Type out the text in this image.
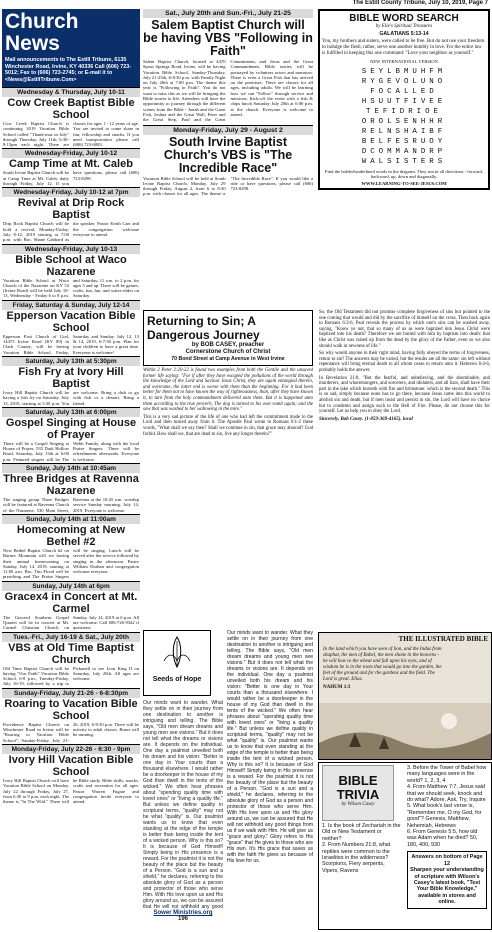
The Estill County Tribune, July 10, 2019, Page 7
Church News
Mail announcements to The Estill Tribune, 6135 Winchester Road, Irvine, KY 40336 Call (606) 723-5012; Fax to (606) 723-2745; or E-mail it to <News@EstillTribune.Com>
Wednesday & Thursday, July 10-11
Cow Creek Baptist Bible School
Cow Creek Baptist Church is continuing 2019 Vacation Bible School called "Thank-mas in July" through Thursday, July 11th, 6:30-8:15pm each night. There are classes for ages 1 - 12 years of age. You are invited to come share in fun, fellowship and snacks. If you need transportation please call (606) 723-6083.
Wednesday-Friday, July 10-12
Camp Time at Mt. Caleb
South Irvine Baptist Church will be at Camp Time at Mt. Caleb, daily through Friday, July 12. If you have questions, please call (606) 723-8298.
Wednesday-Friday, July 10-12 at 7pm
Revival at Drip Rock Baptist
Drip Rock Baptist Church will be hold a revival, Monday-Friday, July 8-12, 2019 starting at 7:00 p.m. with Bro. Shane Gabbard as the speaker. Pastor Keith Carr and the congregation welcome everyone to attend.
Wednesday-Friday, July 10-13
Bible School at Waco Nazarene
Vacation Bible School at Waco Church of the Nazarene on KY 52 (Irvine Road) will be held July 10-13, Wednesday - Friday 6 to 8 p.m. and Saturday, 11 a.m. to 2 p.m. for ages 3 and up. There will be games, crafts, fun, fun, and water-slides on Saturday.
Friday, Saturday & Sunday, July 12-14
Epperson Vacation Bible School
Epperson First Church of God, 14475 Irvine Road (KY 89) in Clark County, will be having Vacation Bible School, Friday, Saturday and Sunday, July 12, 13 & 14, 2019, 6-7:30 p.m. Plan for your children to have a great time. Everyone is welcome!
Saturday, July 13th at 5:30pm
Fish Fry at Ivory Hill Baptist
Ivory Hill Baptist Church will be having a fish fry on Saturday, July 13, 2019, starting at 5:30 p.m. You are welcome. Bring a dish to go with fish or a dessert. Bring a friend.
Saturday, July 13th at 6:00pm
Gospel Singing at House of Prayer
There will be a Gospel Singing at House of Prayer, 535 Dark Hollow Road, Saturday, July 13th at 6:00 p.m. Featured singers will be The Webb Family, along with the local Praise Singers. There will be refreshments afterwards. Everyone is welcome.
Sunday, July 14th at 10:45am
Three Bridges at Ravenna Nazarene
The singing group Three Bridges will be featured at Ravenna Church of the Nazarene, 530 Main Street, Ravenna at the 10:45 a.m. worship service Sunday morning, July 14, 2019. Everyone is welcome.
Sunday, July 14th at 11:00am
Homecoming at New Bethel #2
New Bethel Baptist Church #2 on Barnes Mountain will we having their annual homecoming on Sunday, July 14, 2019, starting at 11:00 a.m. Bro. Tim Flood will be preaching and The Praise Singers will be singing. Lunch will be served after the service followed by singing in the afternoon. Pastor William Durban and congregation welcome everyone.
Sunday, July 14th at 6pm
Gracex4 in Concert at Mt. Carmel
The Gracex4 Southern Gospel Quartet will be in concert at Mt. Carmel Christian Church on Sunday, July 14, 2019 at 6 p.m. All are welcome. Call 606-726-9342 if questions.
Tues.-Fri., July 16-19 & Sat., July 20th
VBS at Old Time Baptist Church
Old Time Baptist Church will be having "Our Faith" Vacation Bible School, 6-8 p.m., Tuesday-Friday, July 16-19, followed by a trip to Pickanell to see Lion King II on Saturday, July 20th. All ages are welcome.
Sunday-Friday, July 21-26 - 6-8:30pm
Roaring to Vacation Bible School
Providence Baptist Church on Winchester Road in Irvine will be "Roaring to Vacation Bible School", Sunday-Friday, July 21-26, 2019, 6-8:30 p.m. There will be activity to adult classes. Buses will be running.
Monday-Friday, July 22-26 - 6:30 - 9pm
Ivory Hill Vacation Bible School
Ivory Hill Baptist Church will have Vacation Bible School on Monday, July 22 through Friday, July 27, from 6:30 to 9 p.m. each night. The theme is "In The Wild." There will be Bible study, Bible skills, snacks, crafts and recreation for all ages. Pastor Warren Fugate and congregation invite everyone to attend.
Sat., July 20th and Sun.-Fri., July 21-25
Salem Baptist Church will be having VBS "Following in Faith"
Salem Baptist Church, located at 4470 Spout Springs Road, Irvine, will be having Vacation Bible School, Sunday-Thursday, July 21-25th, 6-8:30 p.m. with Family Night on July 26th at 7:00 p.m. The theme this year is "Following in Faith". You do not want to miss this as we will be bringing the Bible stories to life. Attendees will have the opportunity to journey through the different scenes from the Bible - Jonah and the Great Fish, Joshua and the Great Wall, Peter and the Great Step, Paul and the Great Commitment, and Jesus and the Great Commandment. Bible stories will be portrayed by volunteer actors and narrators. There is even a Great Fish that has arrived on the premises. There are classes for all ages, including adults. We will be learning how we can "Follow" through service and missions. Kick-off the event with a fish & chips lunch Saturday July 20th at 6:00 p.m. at the church. Everyone is welcome to attend.
Monday-Friday, July 29 - August 2
South Irvine Baptist Church's VBS is "The Incredible Race"
Vacation Bible School will be held at South Irvine Baptist Church, Monday, July 29 through Friday, August 2, from 6 to 8:30 p.m. with classes for all ages. The theme is "The Incredible Race". If you would like a ride or have questions, please call (606) 723-8298.
BIBLE WORD SEARCH
by Elie's Spiritual Treasures
GALATIANS 5:13-14
You, my brothers and sisters, were called to be free. But do not use your freedom to indulge the flesh; rather, serve one another humbly in love. For the entire law is fulfilled in keeping this one command: "Love your neighbor as yourself."
NEW INTERNATIONAL VERSION
SEYLBMUHFM
RYGEVOLUNO
FOCALLED
HSUUTFIVEE
TEFIDRIOE
OROLSENHHR
RELNSHAIBF
BELFESRUOY
DCOMMANDRP
WALSISTERS
Find the bolded/underlined words in the diagram. They run in all directions - forward, backward, up, down and diagonally.
WWW.LEARNING-TO-SEE-JESUS.COM
Returning to Sin; A Dangerous Journey
by BOB CASEY, preacher
Cornerstone Church of Christ
70 Bond Street at Camp Avenue in West Irvine
Within 2 Peter 2:20-22 is found two examples from both the Gentile and the unsaved former life saying: "For if after they have escaped the pollutions of the world through the knowledge of the Lord and Saviour Jesus Christ, they are again entangled therein, and overcome, the latter end is worse with them than the beginning. For it had been better for them not to have known the way of righteousness, than, after they have known it, to turn from the holy commandment delivered unto them. But it is happened unto them according to the true proverb, The dog is turned to his own vomit again; and the sow that was washed to her wallowing in the mire."
This is a very sad picture of the life of one who had left the commitment made to the Lord and then turned away from it. The Apostle Paul wrote in Romans 6:1-2 these words, "What shall we say then? Shall we continue in sin, that grace may abound? God forbid. How shall we, that are dead to sin, live any longer therein?"
So, the Old Testament did not promise complete forgiveness of sins but pointed to the one coming that would and did by the sacrifice of himself on the cross. Then back again to Romans 6:3-6, Paul reveals the process by which one's sins can be washed away, saying, "Know ye not, that so many of us as were baptized into Jesus Christ were baptized into his death? Therefore we are buried with him by baptism into death: that like as Christ was raised up from the dead by the glory of the Father, even so we also should walk in newness of life."
So why would anyone in their right mind, having fully obeyed the terms of forgiveness, return to sin? The answers may be varied, but the results are all the same: sin left without repentance will bring eternal death to all whom cease to return unto it. Hebrews 6:4-6, probably holds the answer.
In Revelation 21:8, "But the fearful, and unbelieving, and the abominable, and murderers, and whoremongers, and sorcerers, and idolaters, and all liars, shall have their part in the lake which burneth with fire and brimstone: which is the second death." This is so sad, simply because none has to go there, because Jesus came into this world to abolish sin and death, but if men insist and persist in sin, the Lord will have no choice but to condemn and assign such to the Hell of Fire. Please, do not choose this for yourself. Let us help you to obey the Lord.
Sincerely, Bob Casey. (1-859-369-4165). local
Seeds of Hope
Our minds want to wander. What they settle on in their journey from one destination to another is intriguing and telling. The Bible says, "Old men dream dreams and young men see visions." But it does not tell what the dreams or visions are. It depends on the individual. One day a psalmist unveiled both his dream and his vision: "Better is one day in Your courts than a thousand elsewhere. I would rather be a doorkeeper in the house of my God than dwell in the tents of the wicked." We often hear phrases about "spending quality time with loved ones" or "living a quality life." But unless we define quality in scriptural terms, "quality" may not be what "quality" is. Our psalmist wants us to know that even standing at the edge of the temple is better than being inside the tent of a wicked person. Why is this so? It is because of God Himself! Simply being in His presence is a reward. For the psalmist it is not the beauty of the place but the beauty of a Person. "God is a sun and a shield," he declares, referring to the absolute glory of God as a person and protector of those who serve Him. With His love upon us and His glory around us, we can be assured that He will not withhold any good things from us if we walk with Him. He will give us "grace and glory." Glory refers to His "grace" that He gives to those who are His own. It's His grace that saves us with the faith He gives us because of His love for us.
Our minds want to wander. What they settle on in their journey from one destination to another is intriguing and telling. The Bible says, "Old men dream dreams and young men see visions." But it does not tell what the dreams or visions are. It depends on the individual. One day a psalmist unveiled both his dream and his vision: "Better is one day in Your courts than a thousand elsewhere. I would rather be a doorkeeper in the house of my God than dwell in the tents of the wicked." We often hear phrases about "spending quality time with loved ones" or "living a quality life." But unless we define quality in scriptural terms, "quality" may not be what "quality" is. Our psalmist wants us to know that even standing at the edge of the temple is better than being inside the tent of a wicked person. Why is this so? It is because of God Himself! Simply being in His presence is a reward. For the psalmist it is not the beauty of the place but the beauty of a Person. "God is a sun and a shield," he declares, referring to the absolute glory of God as a person and protector of those who serve Him. With His love upon us and His glory around us, we can be assured that He will not withhold any good
Sower Ministries.org
196
THE ILLUSTRATED BIBLE
In the land which you have seen of lion, and the Indus from shaphat, the men of Babel, the men shone in the heavens - he will bow to the wheat and fall upon his eyes, and of wisdom he is in the roots that would go into the garden, the feet of the ground and for the gardens and the field. The Lord is great. Elias.
NAHUM 1:3
BIBLE TRIVIA
by Wilson Casey
1. Is the book of Zechariah in the Old or New Testament or neither?
2. From Numbers 21:8, what reptiles were common to the Israelites in the wilderness? Scorpions, Fiery serpents, Vipers, Ravens
3. Before the Tower of Babel how many languages were in the world? 1, 2, 3, 4
4. From Matthew 7:7, Jesus said that we should seek, knock and do what? Adore, Ask, Try, Inquire
5. What book's last verse is, "Remember me, O my God, for good"? Genesis, Matthew, Nehemiah, Hebrews
6. From Genesis 5:5, how old was Adam when he died? 50, 180, 400, 930
Answers on bottom of Page 12
Sharpen your understanding of scripture with Wilson's Casey's latest book, "Test Your Bible Knowledge," available in stores and online.
